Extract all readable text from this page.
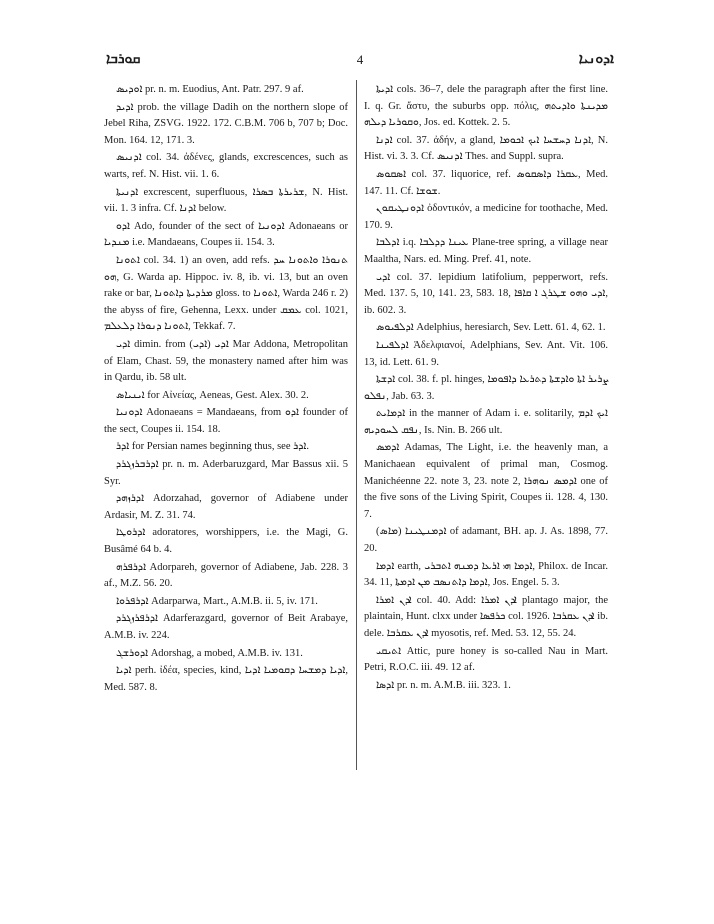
ܩܘܪܒܐ	4	ܐܕܘܢܝܐ

ܐܘܕܝܣ pr. n. m. Euodius, Ant. Patr. 297. 9 af.

ܐܕܝܕ prob. the village Dadih on the northern slope of Jebel Riha, ZSVG. 1922. 172. C.B.M. 706 b, 707 b; Doc. Mon. 164. 12, 171. 3.

ܐܕܢܝܣ col. 34. ἀδένες, glands, excrescences, such as warts, ref. N. Hist. vii. 1. 6.

ܐܕܢܝܬܐ excrescent, superfluous, ܫܪܝܪܬܐ ܒܣܪܐ, N. Hist. vii. 1. 3 infra. Cf. ܐܕܢܐ below.

ܐܕܘ Ado, founder of the sect of ܐܕܘܢܝܐ Adonaeans or ܡܢܕܝܐ i.e. Mandaeans, Coupes ii. 154. 3.

ܐܬܘܢܐ col. 34. 1) an oven, add refs. ܬܢܘܪܐ ܘܐܬܘܢܐ ܚܕ ܗܘ, G. Warda ap. Hippoc. iv. 8, ib. vi. 13, but an oven rake or bar, ܡܪܕܝܬܐ ܕܐܬܘܢܐ gloss. to ܐܬܘܢܐ, Warda 246 r. 2) the abyss of fire, Gehenna, Lexx. under ܥܡܩ col. 1021, ܐܬܘܢܐ ܕܢܘܪܐ ܕܠܥܠܡ, Tekkaf. 7.

ܐܕܝ dimin. from ܐܕܝ (ܐܕܝ) Mar Addona, Metropolitan of Elam, Chast. 59, the monastery named after him was in Qardu, ib. 58 ult.

ܐܝܢܝܐܣ for Αἰνείας, Aeneas, Gest. Alex. 30. 2.

ܐܕܘܢܝܐ Adonaeans = Mandaeans, from ܐܕܘ founder of the sect, Coupes ii. 154. 18.

ܐܕܪ for Persian names beginning thus, see ܐܕܪ.

ܐܕܪܒܪܙܓܪܕ pr. n. m. Aderbaruzgard, Mar Bassus xii. 5 Syr.

ܐܕܪܙܗܕ Adorzahad, governor of Adiabene under Ardasir, M. Z. 31. 74.

ܐܕܪܘܛܐ adoratores, worshippers, i.e. the Magi, G. Busâmé 64 b. 4.

ܐܕܪܦܪܗ Adorpareh, governor of Adiabene, Jab. 228. 3 af., M.Z. 56. 20.

ܐܕܪܦܪܘܐ Adarparwa, Mart., A.M.B. ii. 5, iv. 171.

ܐܕܪܦܪܙܓܪܕ Adarferazgard, governor of Beit Arabaye, A.M.B. iv. 224.

ܐܕܘܪܫܓ Adorshag, a mobed, A.M.B. iv. 131.

ܐܕܝܐ perh. ἰδέα, species, kind, ܐܕܝܐ ܕܡܫܚܐ ܕܩܘܡܝܐ ܐܕܝܐ, Med. 587. 8.

ܐܕܝܬܐ cols. 36–7, dele the paragraph after the first line. I. q. Gr. ἄστυ, the suburbs opp. πόλις, ܡܕܝܢܬܐ ܘܐܕܝܬܗ ܘܩܘܪܝܐ ܕܝܠܗ, Jos. ed. Kottek. 2. 5.

ܐܕܢܐ col. 37. ἀδήν, a gland, ܐܕܢܐ ܕܚܫܚܐ ܐܝܟ ܐܟܘܡܐ, N. Hist. vi. 3. 3. Cf. ܐܕܢܝܣ Thes. and Suppl. supra.

ܐܣܩܘܣ col. 37. liquorice, ref. ܥܩܪܐ ܕܐܣܩܘܣ, Med. 147. 11. Cf. ܫܘܫܐ.

ܐܕܘܢܛܝܩܘܢ ὀδοντικόν, a medicine for toothache, Med. 170. 9.

ܐܕܠܒܐ i.q. ܥܝܢܐ ܕܕܠܒܐ Plane-tree spring, a village near Maaltha, Nars. ed. Ming. Pref. 41, note.

ܐܕܝ col. 37. lepidium latifolium, pepperwort, refs. Med. 137. 5, 10, 141. 23, 583. 18, ܐܕܝ ܘܗܘ ܫܛܪܓ ܐ ܩܐܦܐ, ib. 602. 3.

ܐܕܠܦܝܘܣ Adelphius, heresiarch, Sev. Lett. 61. 4, 62. 1.

ܐܕܠܦܝܢܐ Ἀδελφιανοί, Adelphians, Sev. Ant. Vit. 106. 13, id. Lett. 61. 9.

ܐܕܫܬܐ col. 38. f. pl. hinges, ܨܪܝܪ ܐܬܐ ܘܐܕܫܬܐ ܕܬܪܥܐ ܕܐܦܘܡܐ ܢܦܠܘ, Jab. 63. 3.

ܐܕܡܐܝܬ in the manner of Adam i. e. solitarily, ܐܝܟ ܐܕܡ ܢܦܩ ܠܚܘܕܝܗ, Is. Nin. B. 266 ult.

ܐܕܡܣ Adamas, The Light, i.e. the heavenly man, a Manichaean equivalent of primal man, Cosmog. Manichéenne 22. note 3, 23. note 2, ܐܕܡܣ ܢܘܗܪܐ one of the five sons of the Living Spirit, Coupes ii. 128. 4, 130. 7.

ܐܕܡܢܛܝܢܐ (ܡܐܣ) of adamant, BH. ap. J. As. 1898, 77. 20.

ܐܕܡܐ earth, ܐܕܡܐ ܗܝ ܐܪܥܐ ܕܡܢܗ ܐܬܒܪܝ, Philox. de Incar. 34. 11, ܐܕܡܐ ܕܐܬܢܣܒ ܡܢ ܐܕܡܬܐ, Jos. Engel. 5. 3.

ܐܕܢ ܐܡܪܐ col. 40. Add: ܐܕܢ ܐܡܪܐ plantago major, the plaintain, Hunt. clxx under ܟܪܦܣܐ col. 1926. ܐܕܢ ܥܩܪܒܐ ib. dele. ܐܕܢ ܥܩܪܒܐ myosotis, ref. Med. 53. 12, 55. 24.

ܐܬܝܩܝ Attic, pure honey is so-called Nau in Mart. Petri, R.O.C. iii. 49. 12 af.

ܐܕܣܐ pr. n. m. A.M.B. iii. 323. 1.
